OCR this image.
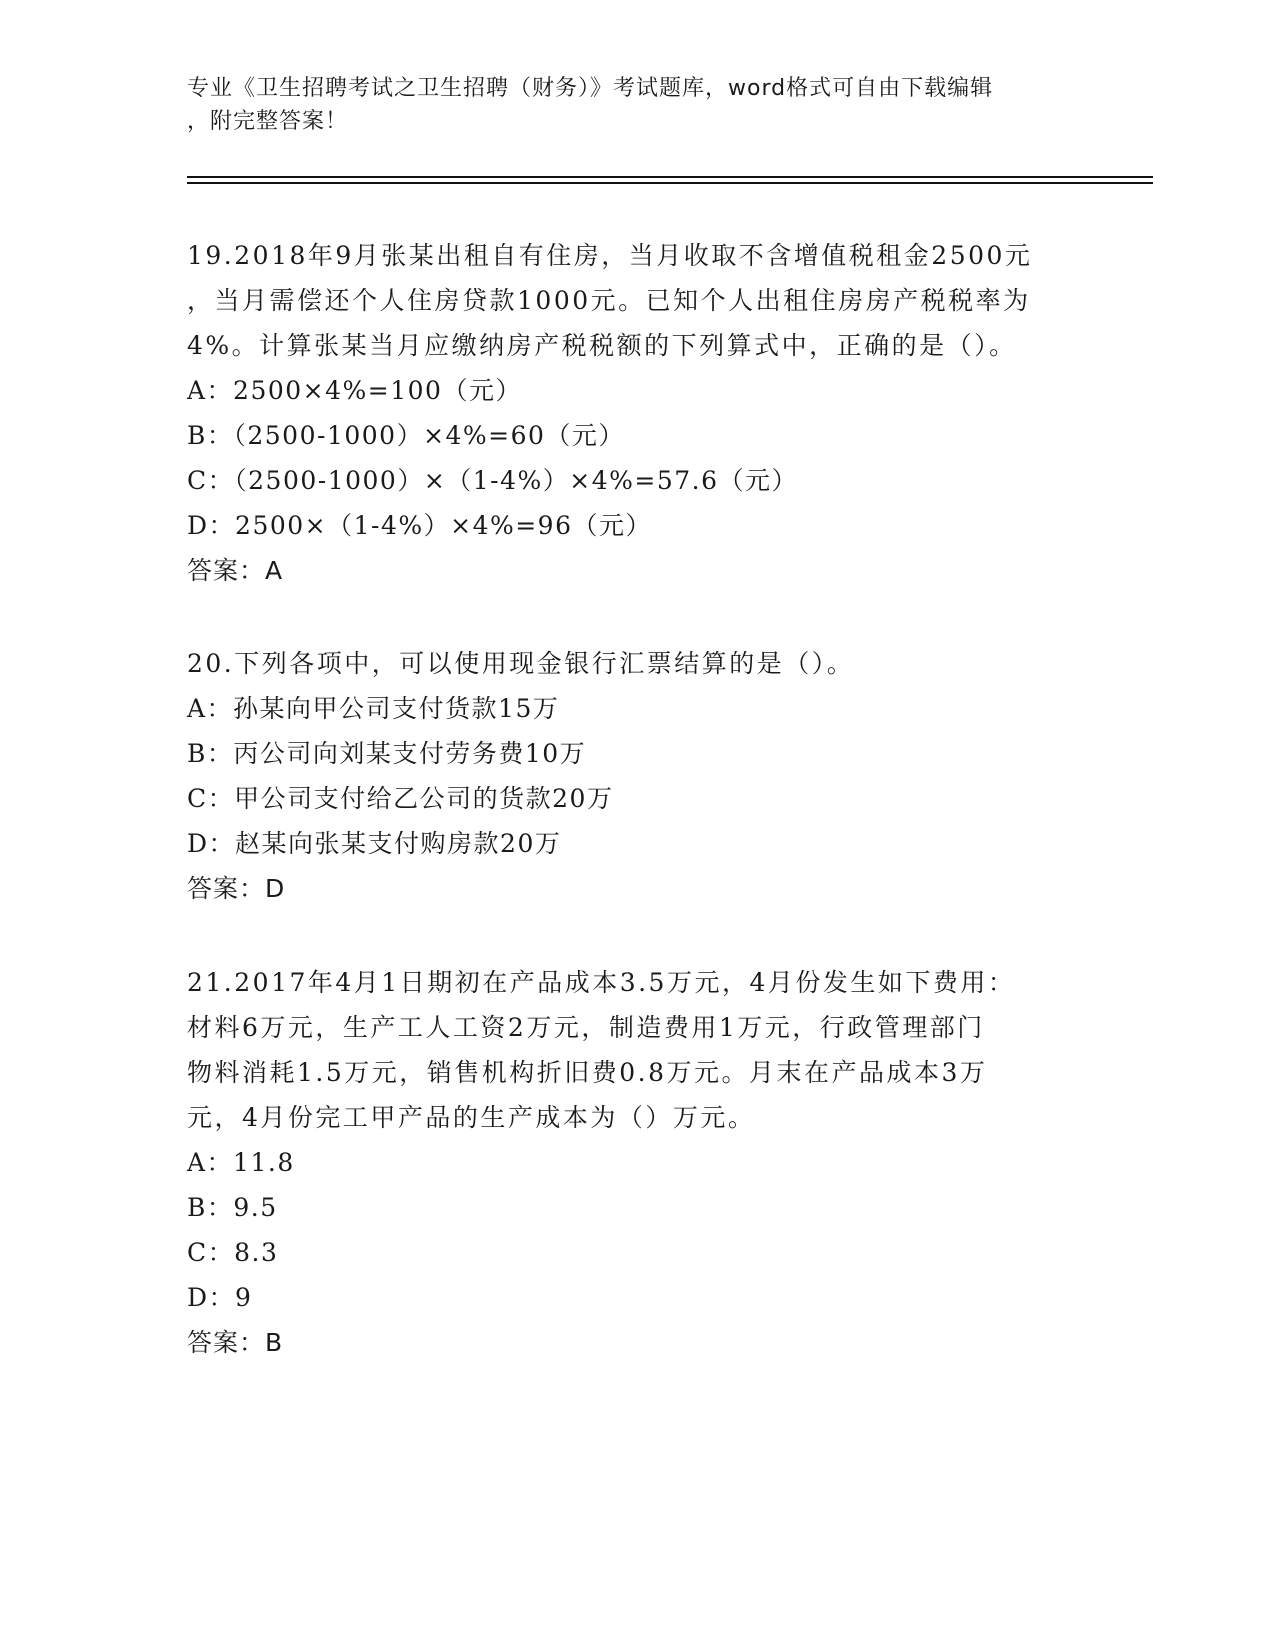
专业《卫生招聘考试之卫生招聘（财务）》考试题库，word格式可自由下载编辑
，附完整答案！
19.2018年9月张某出租自有住房，当月收取不含增值税租金2500元
，当月需偿还个人住房贷款1000元。已知个人出租住房房产税税率为
4%。计算张某当月应缴纳房产税税额的下列算式中，正确的是（）。
A：2500×4%=100（元）
B：（2500-1000）×4%=60（元）
C：（2500-1000）×（1-4%）×4%=57.6（元）
D：2500×（1-4%）×4%=96（元）
答案：A
20.下列各项中，可以使用现金银行汇票结算的是（）。
A：孙某向甲公司支付货款15万
B：丙公司向刘某支付劳务费10万
C：甲公司支付给乙公司的货款20万
D：赵某向张某支付购房款20万
答案：D
21.2017年4月1日期初在产品成本3.5万元，4月份发生如下费用：
材料6万元，生产工人工资2万元，制造费用1万元，行政管理部门
物料消耗1.5万元，销售机构折旧费0.8万元。月末在产品成本3万
元，4月份完工甲产品的生产成本为（）万元。
A：11.8
B：9.5
C：8.3
D：9
答案：B
